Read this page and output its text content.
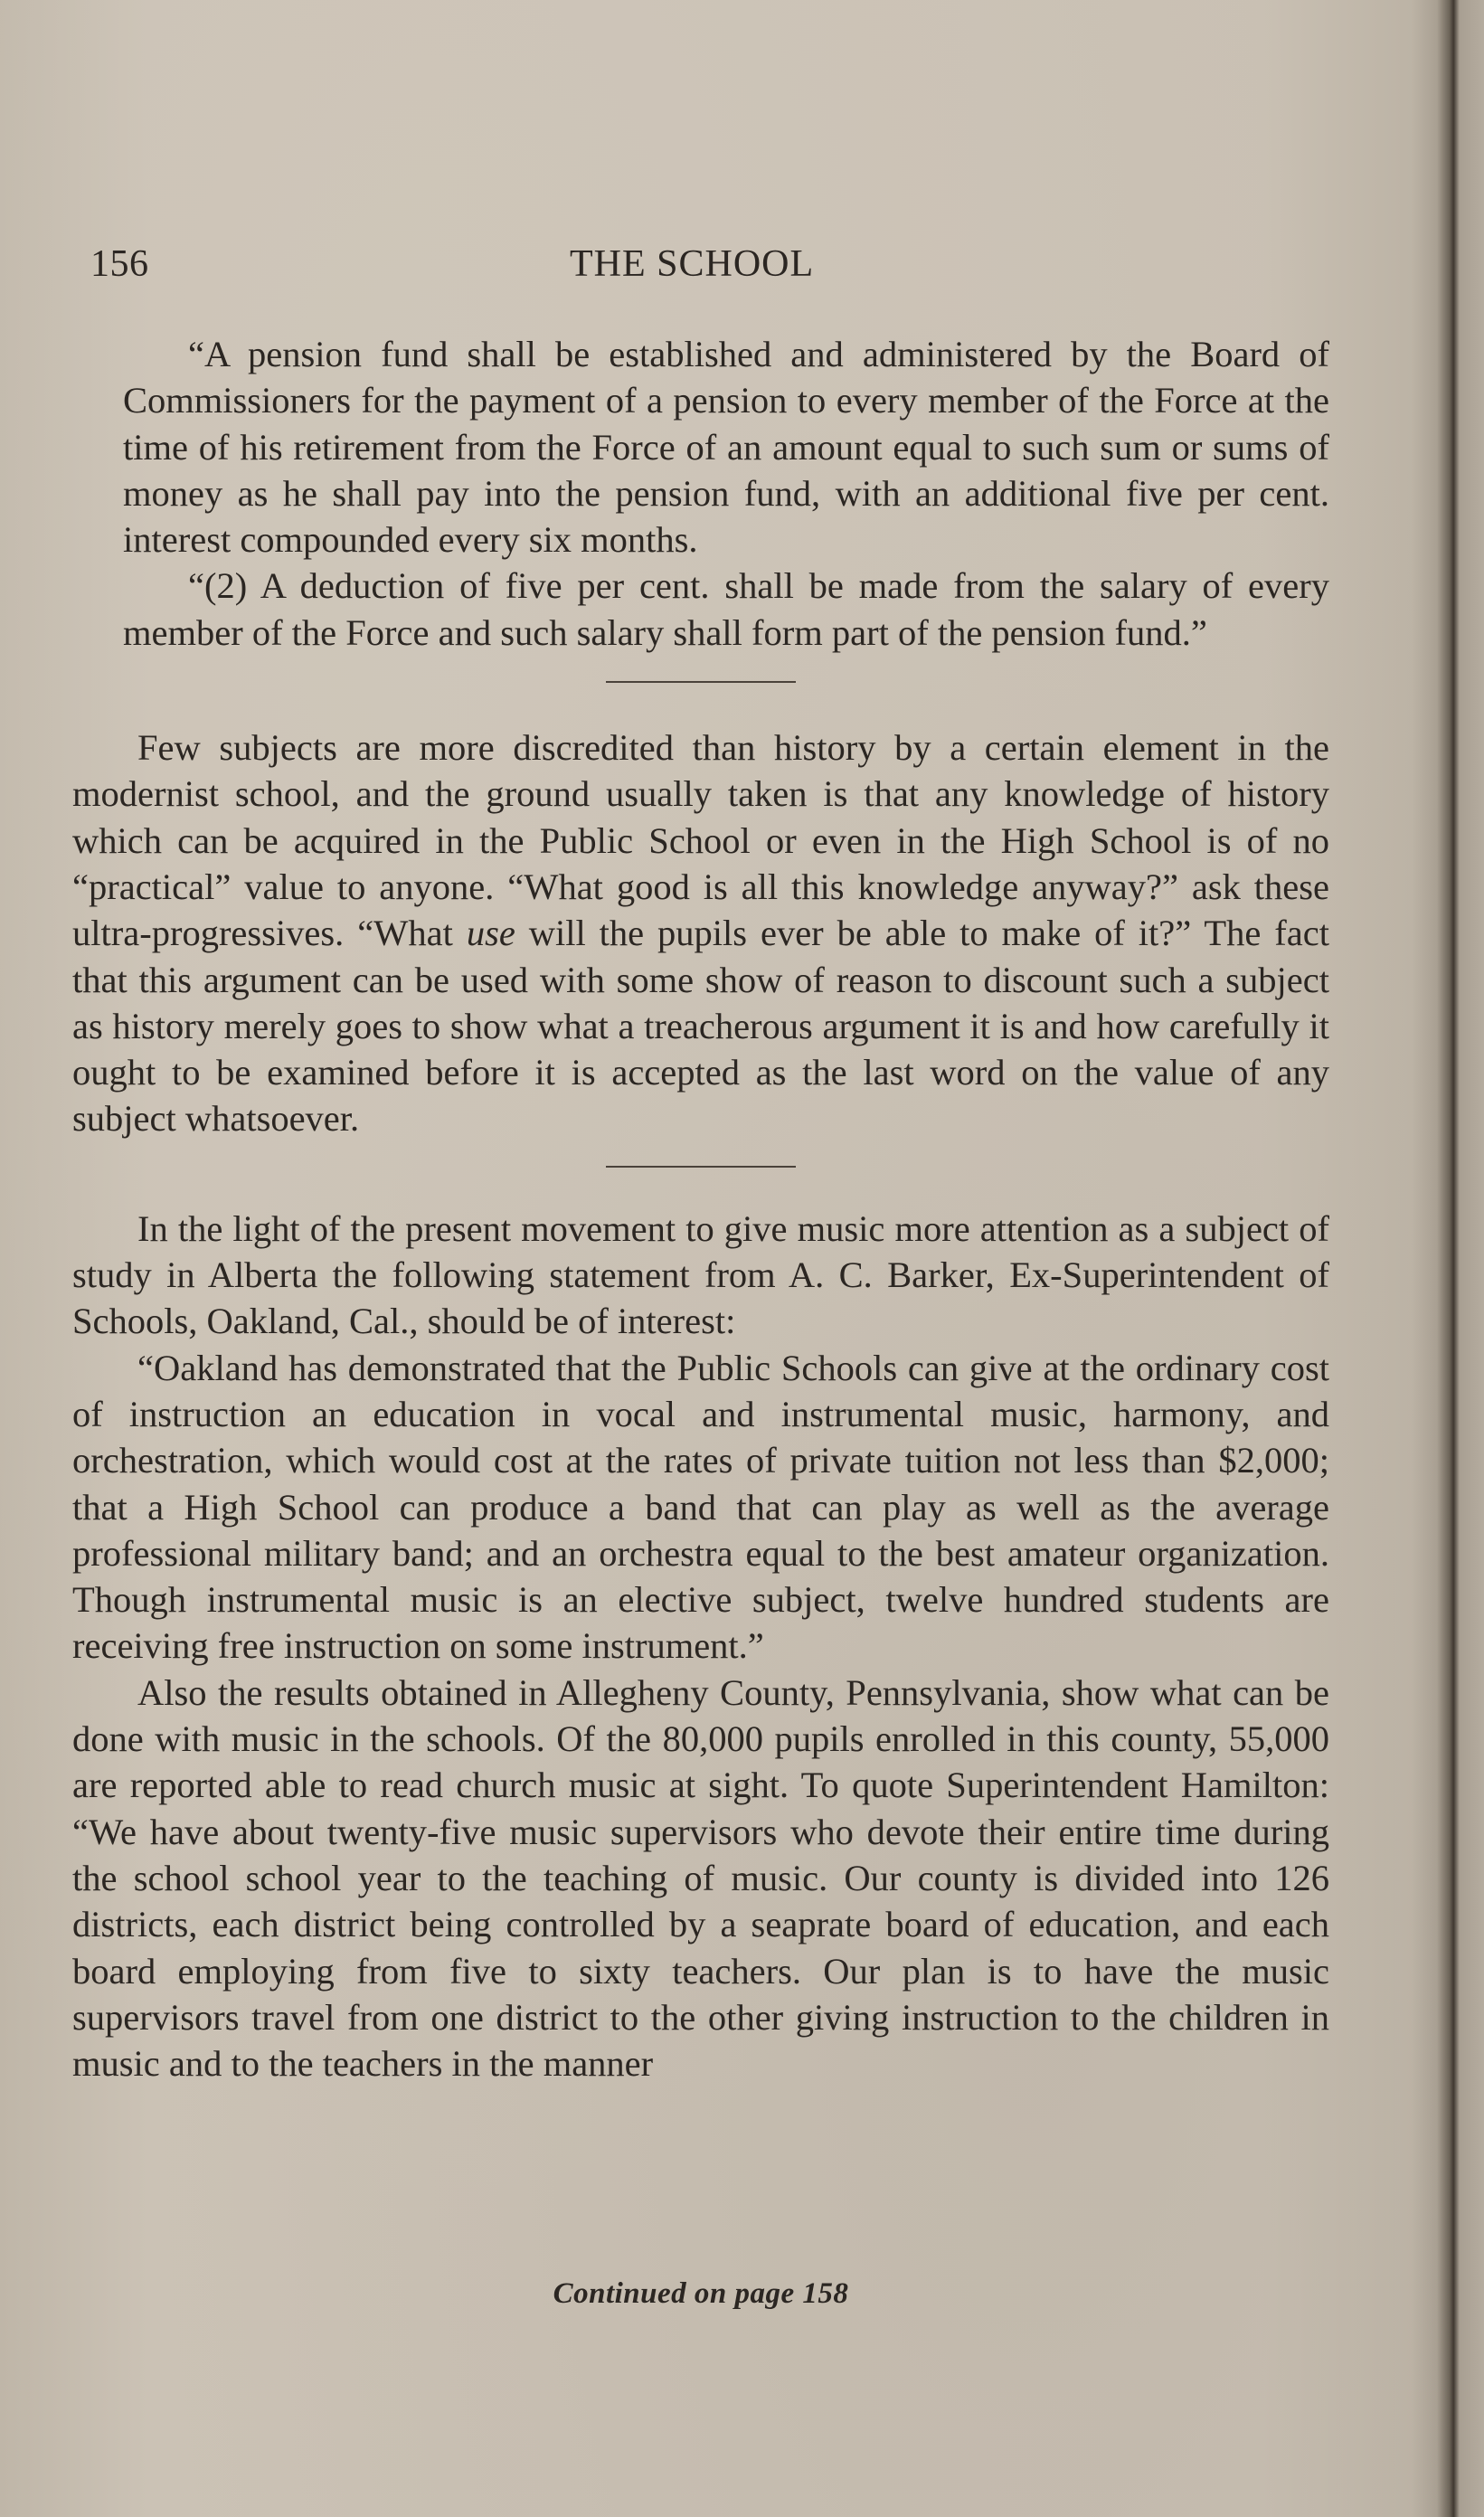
156	THE SCHOOL

“A pension fund shall be established and administered by the Board of Commissioners for the payment of a pension to every member of the Force at the time of his retirement from the Force of an amount equal to such sum or sums of money as he shall pay into the pension fund, with an additional five per cent. interest compounded every six months.

“(2) A deduction of five per cent. shall be made from the salary of every member of the Force and such salary shall form part of the pension fund.”

Few subjects are more discredited than history by a certain element in the modernist school, and the ground usually taken is that any knowledge of history which can be acquired in the Public School or even in the High School is of no “practical” value to anyone. “What good is all this knowledge anyway?” ask these ultra-progressives. “What use will the pupils ever be able to make of it?” The fact that this argument can be used with some show of reason to discount such a subject as history merely goes to show what a treacherous argument it is and how carefully it ought to be examined before it is accepted as the last word on the value of any subject whatsoever.

In the light of the present movement to give music more attention as a subject of study in Alberta the following statement from A. C. Barker, Ex-Superintendent of Schools, Oakland, Cal., should be of interest:

“Oakland has demonstrated that the Public Schools can give at the ordinary cost of instruction an education in vocal and instrumental music, harmony, and orchestration, which would cost at the rates of private tuition not less than $2,000; that a High School can produce a band that can play as well as the average professional military band; and an orchestra equal to the best amateur organization. Though instrumental music is an elective subject, twelve hundred students are receiving free instruction on some instrument.”

Also the results obtained in Allegheny County, Pennsylvania, show what can be done with music in the schools. Of the 80,000 pupils enrolled in this county, 55,000 are reported able to read church music at sight. To quote Superintendent Hamilton: “We have about twenty-five music supervisors who devote their entire time during the school school year to the teaching of music. Our county is divided into 126 districts, each district being controlled by a seaprate board of education, and each board employing from five to sixty teachers. Our plan is to have the music supervisors travel from one district to the other giving instruction to the children in music and to the teachers in the manner

Continued on page 158
